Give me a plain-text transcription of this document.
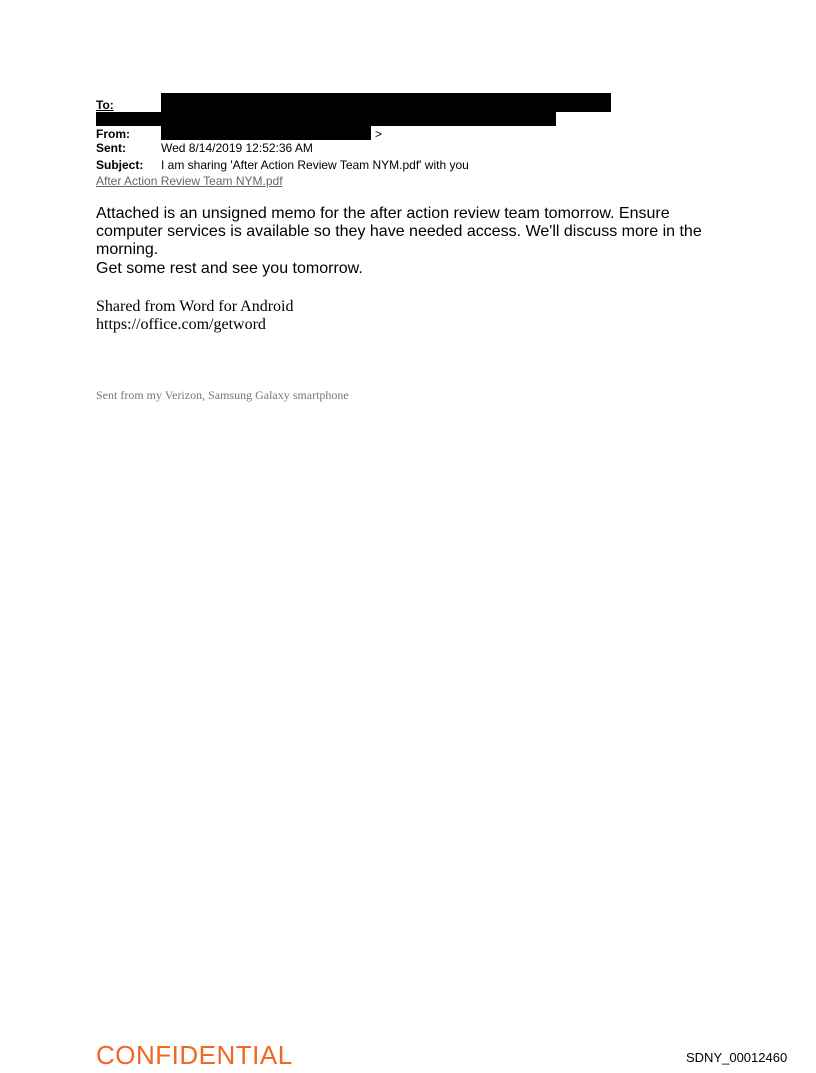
To:
From:	>
Sent:	Wed 8/14/2019 12:52:36 AM
Subject: I am sharing 'After Action Review Team NYM.pdf' with you
After Action Review Team NYM.pdf
Attached is an unsigned memo for the after action review team tomorrow. Ensure computer services is available so they have needed access. We'll discuss more in the morning.
Get some rest and see you tomorrow.
Shared from Word for Android
https://office.com/getword
Sent from my Verizon, Samsung Galaxy smartphone
CONFIDENTIAL	SDNY_00012460
